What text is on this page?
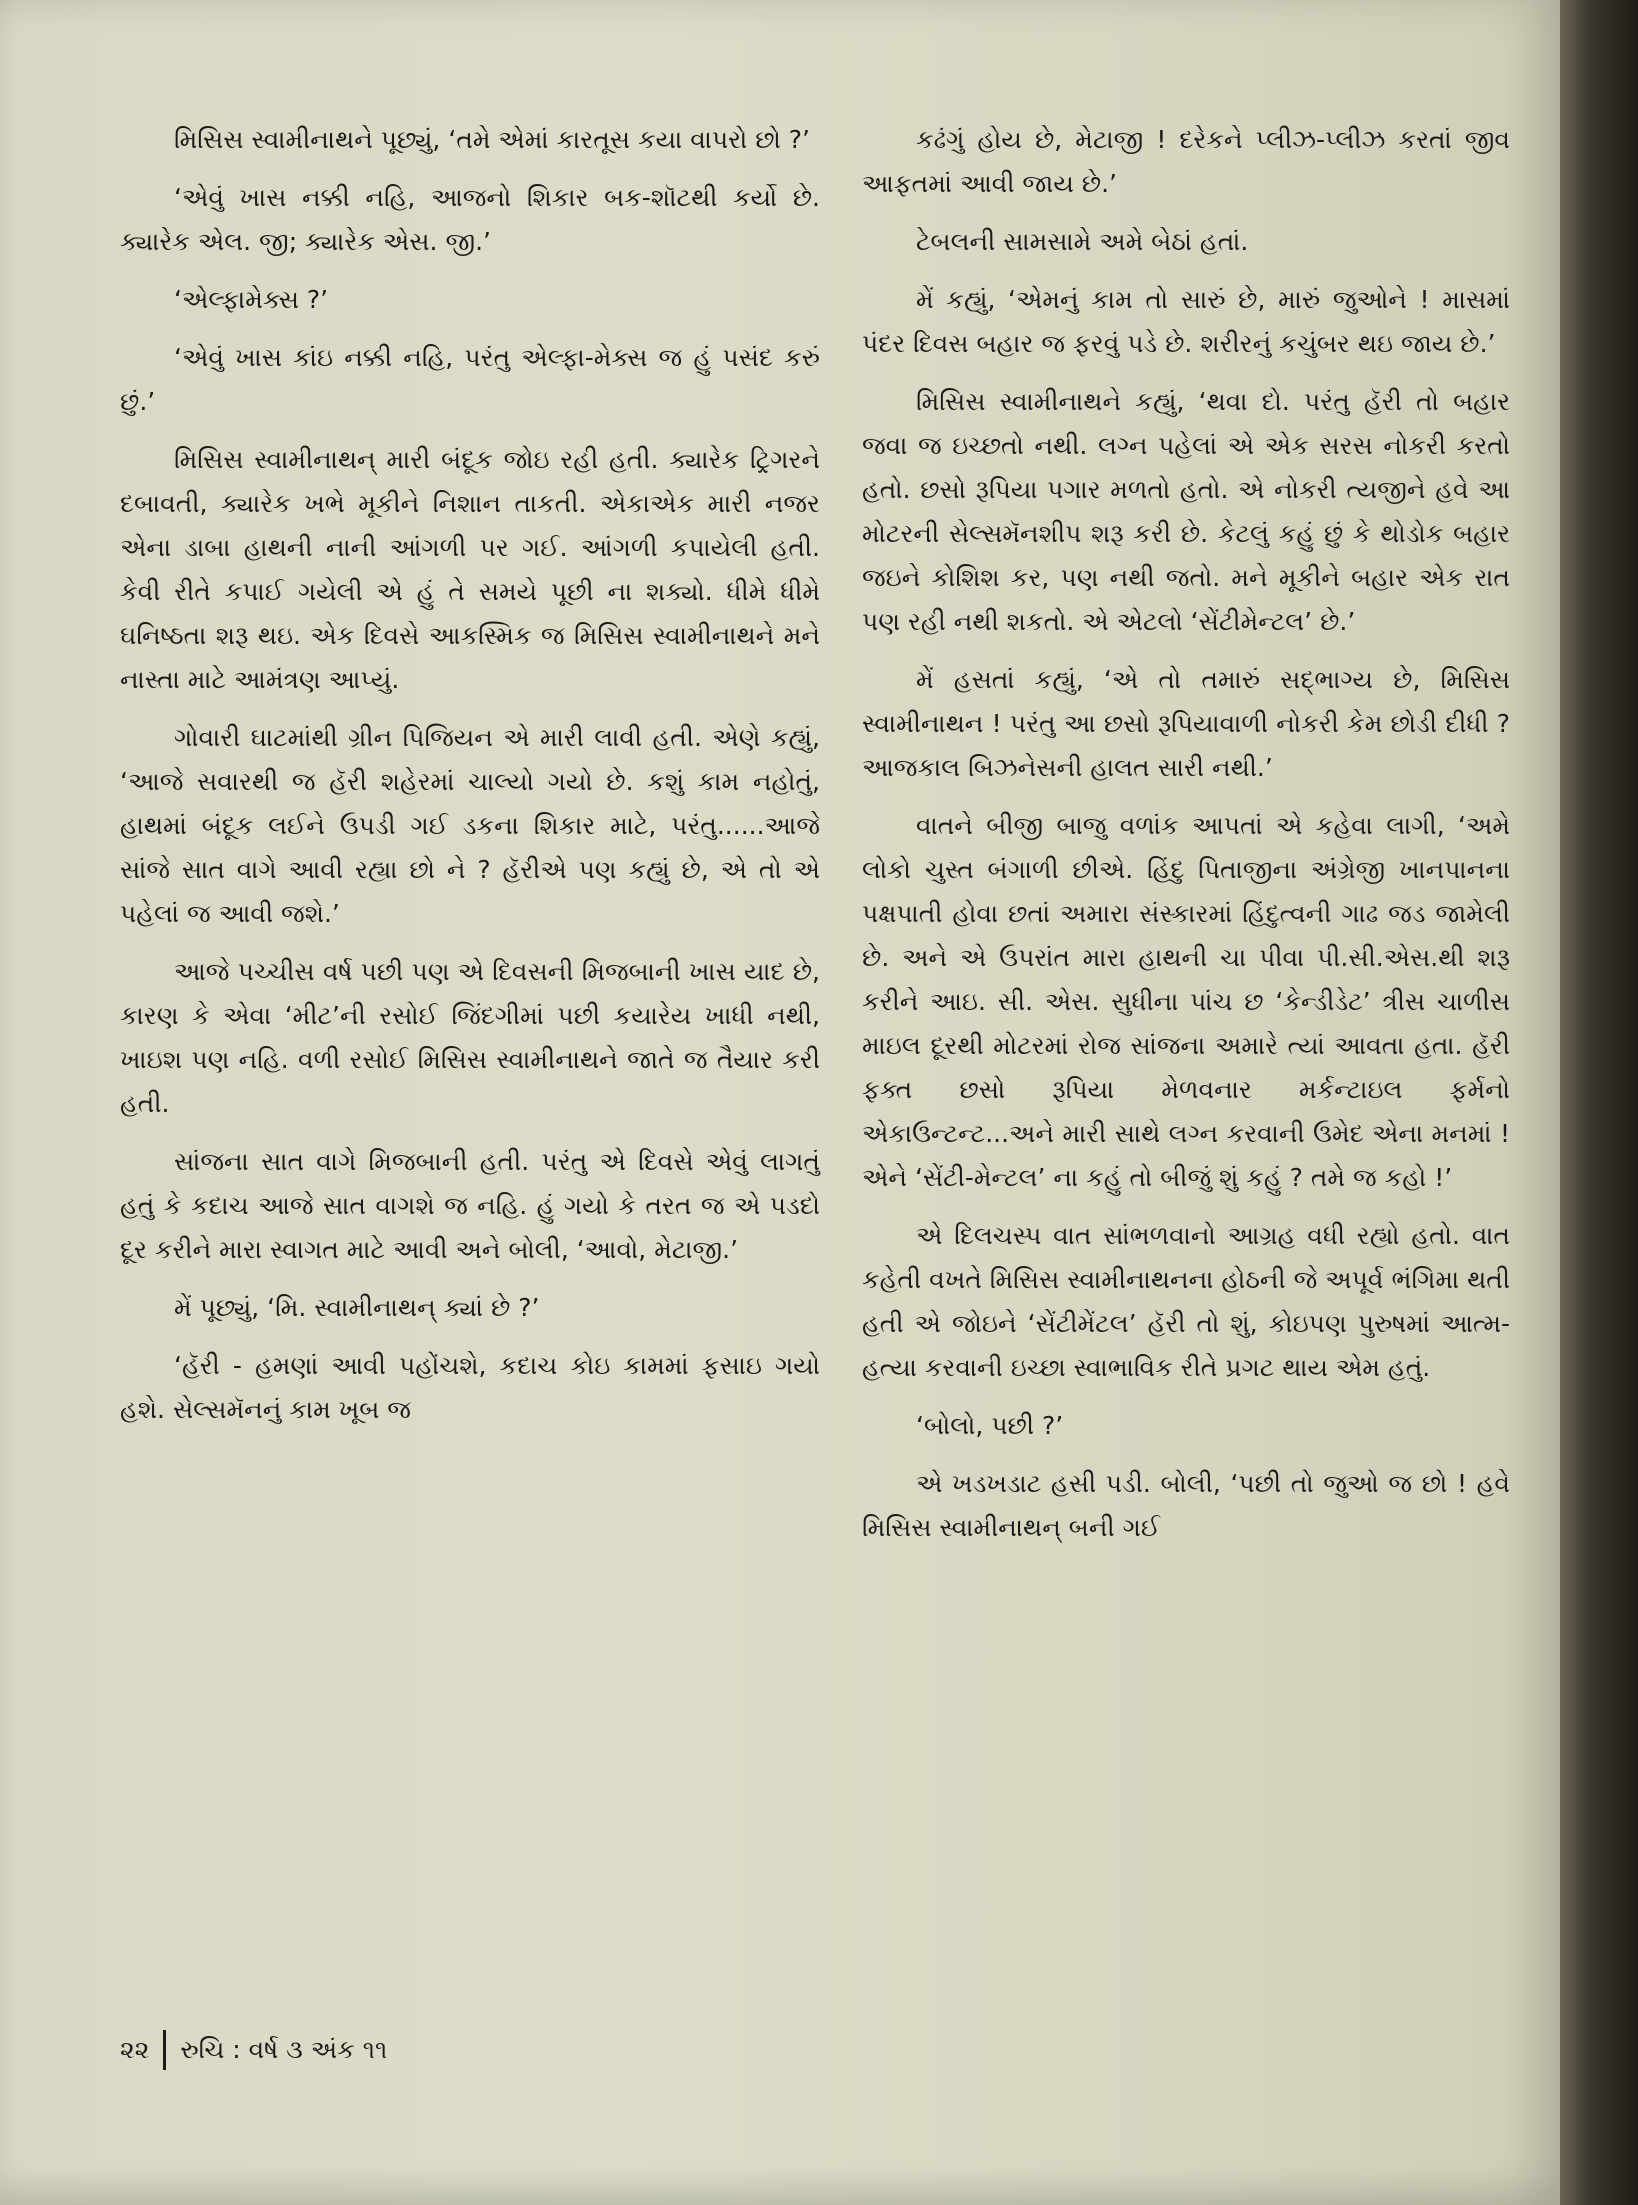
મિસિસ સ્વામીનાથને પૂછ્યું, ‘તમે એમાં કારતૂસ કયા વાપરો છો ?’

‘એવું ખાસ નક્કી નહિ, આજનો શિકાર બક-શૉટથી કર્યો છે. ક્યારેક એલ. જી; ક્યારેક એસ. જી.’

‘એલ્ફામેક્સ ?’

‘એવું ખાસ કાંઇ નક્કી નહિ, પરંતુ એલ્ફા-મેક્સ જ હું પસંદ કરું છું.’

મિસિસ સ્વામીનાથન્ મારી બંદૂક જોઇ રહી હતી. ક્યારેક ટ્રિગરને દબાવતી, ક્યારેક ખભે મૂકીને નિશાન તાકતી. એકાએક મારી નજર એના ડાબા હાથની નાની આંગળી પર ગઈ. આંગળી કપાયેલી હતી. કેવી રીતે કપાઈ ગયેલી એ હું તે સમયે પૂછી ના શક્યો. ધીમે ધીમે ઘનિષ્ઠતા શરૂ થઇ. એક દિવસે આકસ્મિક જ મિસિસ સ્વામીનાથને મને નાસ્તા માટે આમંત્રણ આપ્યું.

ગોવારી ઘાટમાંથી ગ્રીન પિજિયન એ મારી લાવી હતી. એણે કહ્યું, ‘આજે સવારથી જ હૅરી શહેરમાં ચાલ્યો ગયો છે. કશું કામ નહોતું, હાથમાં બંદૂક લઈને ઉપડી ગઈ ડકના શિકાર માટે, પરંતુ......આજે સાંજે સાત વાગે આવી રહ્યા છો ને ? હૅરીએ પણ કહ્યું છે, એ તો એ પહેલાં જ આવી જશે.’

આજે પચ્ચીસ વર્ષ પછી પણ એ દિવસની મિજબાની ખાસ યાદ છે, કારણ કે એવા ‘મીટ’ની રસોઈ જિંદગીમાં પછી કયારેય ખાધી નથી, ખાઇશ પણ નહિ. વળી રસોઈ મિસિસ સ્વામીનાથને જાતે જ તૈયાર કરી હતી.

સાંજના સાત વાગે મિજબાની હતી. પરંતુ એ દિવસે એવું લાગતું હતું કે કદાચ આજે સાત વાગશે જ નહિ. હું ગયો કે તરત જ એ પડદો દૂર કરીને મારા સ્વાગત માટે આવી અને બોલી, ‘આવો, મેટાજી.’

મેં પૂછ્યું, ‘મિ. સ્વામીનાથન્ ક્યાં છે ?’

‘હૅરી - હમણાં આવી પહોંચશે, કદાચ કોઇ કામમાં ફસાઇ ગયો હશે. સેલ્સમૅનનું કામ ખૂબ જ

કઢંગું હોય છે, મેટાજી ! દરેકને પ્લીઝ-પ્લીઝ કરતાં જીવ આફતમાં આવી જાય છે.’

ટેબલની સામસામે અમે બેઠાં હતાં.

મેં કહ્યું, ‘એમનું કામ તો સારું છે, મારું જુઓને ! માસમાં પંદર દિવસ બહાર જ ફરવું પડે છે. શરીરનું કચુંબર થઇ જાય છે.’

મિસિસ સ્વામીનાથને કહ્યું, ‘થવા દો. પરંતુ હૅરી તો બહાર જવા જ ઇચ્છતો નથી. લગ્ન પહેલાં એ એક સરસ નોકરી કરતો હતો. છસો રૂપિયા પગાર મળતો હતો. એ નોકરી ત્યજીને હવે આ મોટરની સેલ્સમૅનશીપ શરૂ કરી છે. કેટલું કહું છું કે થોડોક બહાર જઇને કોશિશ કર, પણ નથી જતો. મને મૂકીને બહાર એક રાત પણ રહી નથી શકતો. એ એટલો ‘સેંટીમેન્ટલ’ છે.’

મેં હસતાં કહ્યું, ‘એ તો તમારું સદ્ભાગ્ય છે, મિસિસ સ્વામીનાથન ! પરંતુ આ છસો રૂપિયાવાળી નોકરી કેમ છોડી દીધી ? આજકાલ બિઝનેસની હાલત સારી નથી.’

વાતને બીજી બાજુ વળાંક આપતાં એ કહેવા લાગી, ‘અમે લોકો ચુસ્ત બંગાળી છીએ. હિંદુ પિતાજીના અંગ્રેજી ખાનપાનના પક્ષપાતી હોવા છતાં અમારા સંસ્કારમાં હિંદુત્વની ગાઢ જડ જામેલી છે. અને એ ઉપરાંત મારા હાથની ચા પીવા પી.સી.એસ.થી શરૂ કરીને આઇ. સી. એસ. સુધીના પાંચ છ ‘કેન્ડીડેટ’ ત્રીસ ચાળીસ માઇલ દૂરથી મોટરમાં રોજ સાંજના અમારે ત્યાં આવતા હતા. હૅરી ફક્ત છસો રૂપિયા મેળવનાર મર્કન્ટાઇલ ફર્મનો એકાઉન્ટન્ટ...અને મારી સાથે લગ્ન કરવાની ઉમેદ એના મનમાં ! એને ‘સેંટી-મેન્ટલ’ ના કહું તો બીજું શું કહું ? તમે જ કહો !’

એ દિલચસ્પ વાત સાંભળવાનો આગ્રહ વધી રહ્યો હતો. વાત કહેતી વખતે મિસિસ સ્વામીનાથનના હોઠની જે અપૂર્વ ભંગિમા થતી હતી એ જોઇને ‘સેંટીમેંટલ’ હૅરી તો શું, કોઇપણ પુરુષમાં આત્મ-હત્યા કરવાની ઇચ્છા સ્વાભાવિક રીતે પ્રગટ થાય એમ હતું.

‘બોલો, પછી ?’

એ ખડખડાટ હસી પડી. બોલી, ‘પછી તો જુઓ જ છો ! હવે મિસિસ સ્વામીનાથન્ બની ગઈ

૨૨ રુચિ : વર્ષ ૩ અંક ૧૧
